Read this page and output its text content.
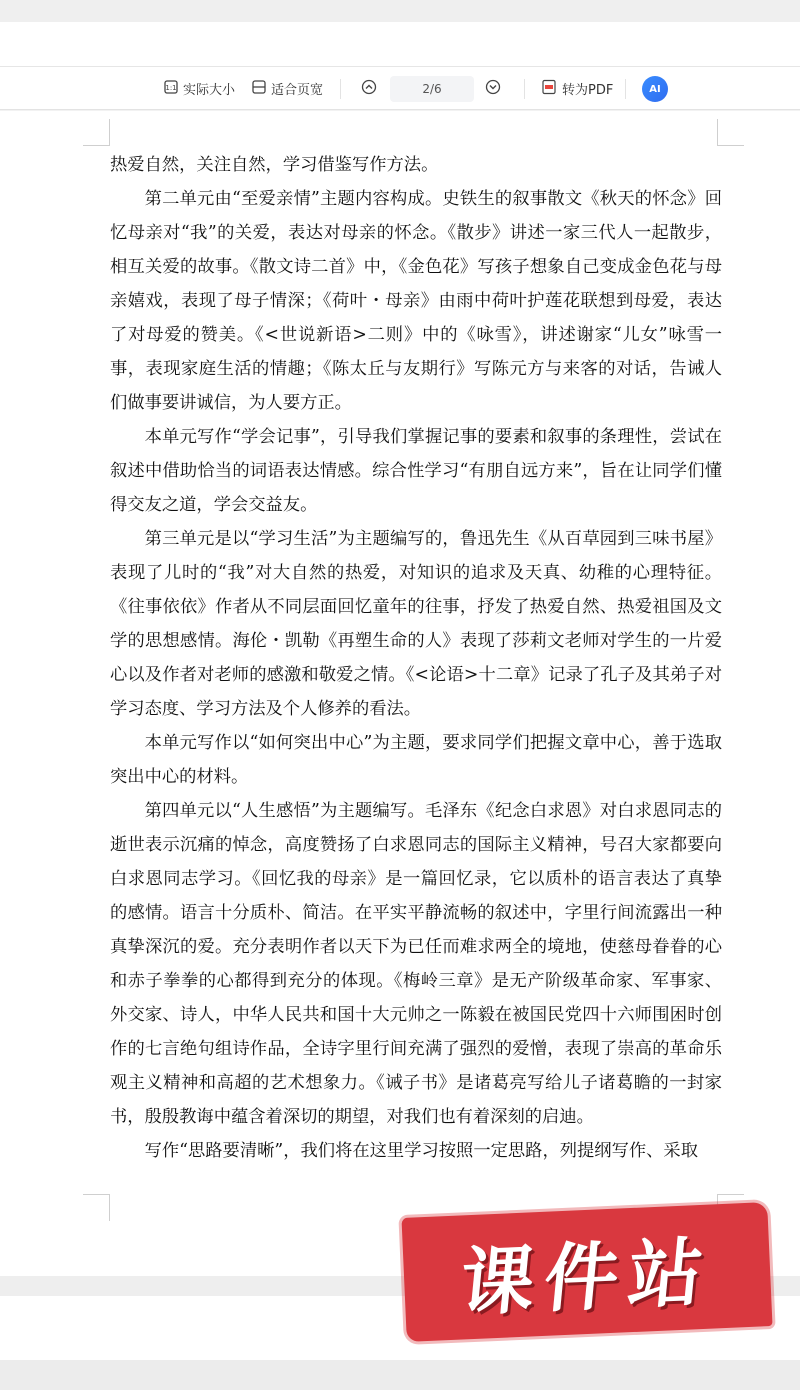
1:1 实际大小	适合页宽	2/6	转为PDF	AI

热爱自然，关注自然，学习借鉴写作方法。

第二单元由“至爱亲情”主题内容构成。史铁生的叙事散文《秋天的怀念》回忆母亲对“我”的关爱，表达对母亲的怀念。《散步》讲述一家三代人一起散步，相互关爱的故事。《散文诗二首》中，《金色花》写孩子想象自己变成金色花与母亲嬉戏，表现了母子情深；《荷叶・母亲》由雨中荷叶护莲花联想到母爱，表达了对母爱的赞美。《<世说新语>二则》中的《咏雪》，讲述谢家“儿女”咏雪一事，表现家庭生活的情趣；《陈太丘与友期行》写陈元方与来客的对话，告诫人们做事要讲诚信，为人要方正。

本单元写作“学会记事”，引导我们掌握记事的要素和叙事的条理性，尝试在叙述中借助恰当的词语表达情感。综合性学习“有朋自远方来”，旨在让同学们懂得交友之道，学会交益友。

第三单元是以“学习生活”为主题编写的，鲁迅先生《从百草园到三味书屋》表现了儿时的“我”对大自然的热爱，对知识的追求及天真、幼稚的心理特征。《往事依依》作者从不同层面回忆童年的往事，抒发了热爱自然、热爱祖国及文学的思想感情。海伦・凯勒《再塑生命的人》表现了莎莉文老师对学生的一片爱心以及作者对老师的感激和敬爱之情。《<论语>十二章》记录了孔子及其弟子对学习态度、学习方法及个人修养的看法。

本单元写作以“如何突出中心”为主题，要求同学们把握文章中心，善于选取突出中心的材料。

第四单元以“人生感悟”为主题编写。毛泽东《纪念白求恩》对白求恩同志的逝世表示沉痛的悼念，高度赞扬了白求恩同志的国际主义精神，号召大家都要向白求恩同志学习。《回忆我的母亲》是一篇回忆录，它以质朴的语言表达了真挚的感情。语言十分质朴、简洁。在平实平静流畅的叙述中，字里行间流露出一种真挚深沉的爱。充分表明作者以天下为已任而难求两全的境地，使慈母眷眷的心和赤子拳拳的心都得到充分的体现。《梅岭三章》是无产阶级革命家、军事家、外交家、诗人，中华人民共和国十大元帅之一陈毅在被国民党四十六师围困时创作的七言绝句组诗作品，全诗字里行间充满了强烈的爱憎，表现了崇高的革命乐观主义精神和高超的艺术想象力。《诫子书》是诸葛亮写给儿子诸葛瞻的一封家书，殷殷教诲中蕴含着深切的期望，对我们也有着深刻的启迪。

写作“思路要清晰”，我们将在这里学习按照一定思路，列提纲写作、采取

课件站
